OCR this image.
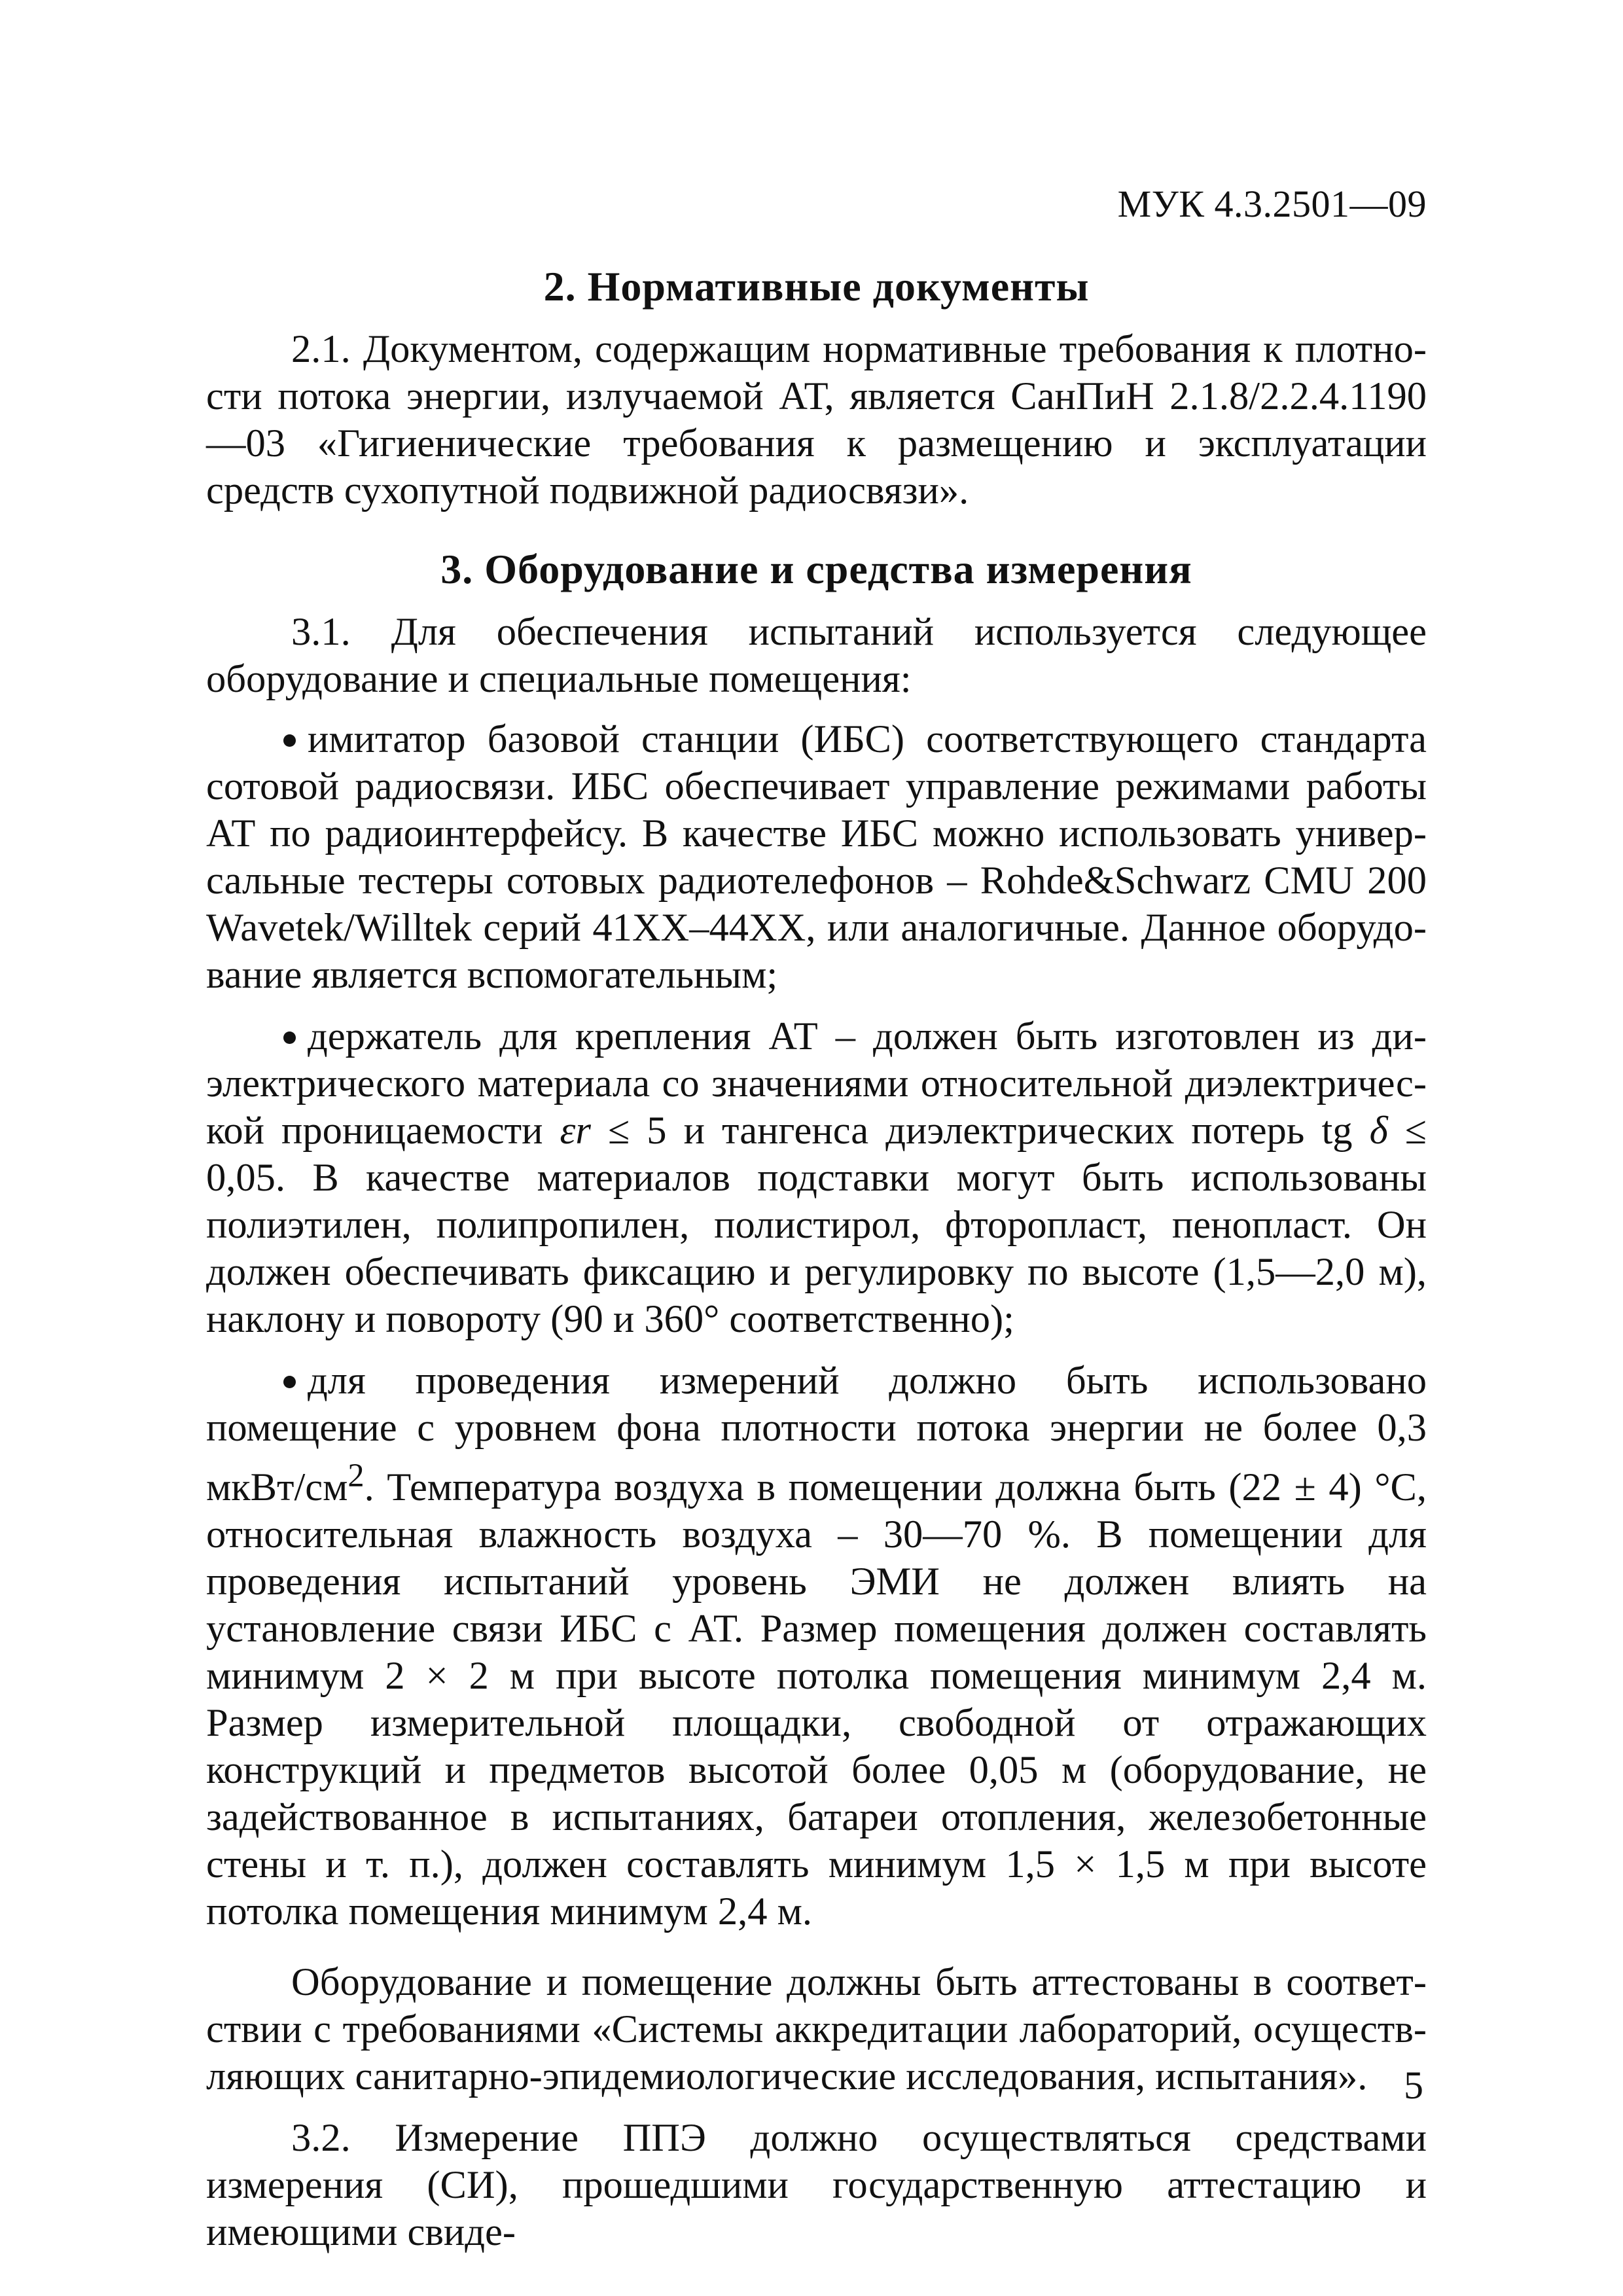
МУК 4.3.2501—09
2. Нормативные документы

2.1. Документом, содержащим нормативные требования к плотности потока энергии, излучаемой АТ, является СанПиН 2.1.8/2.2.4.1190—03 «Гигиенические требования к размещению и эксплуатации средств сухопутной подвижной радиосвязи».

3. Оборудование и средства измерения

3.1. Для обеспечения испытаний используется следующее оборудование и специальные помещения:

имитатор базовой станции (ИБС) соответствующего стандарта сотовой радиосвязи. ИБС обеспечивает управление режимами работы АТ по радиоинтерфейсу. В качестве ИБС можно использовать универсальные тестеры сотовых радиотелефонов – Rohde&Schwarz CMU 200 Wavetek/Willtek серий 41XX–44XX, или аналогичные. Данное оборудование является вспомогательным;
держатель для крепления АТ – должен быть изготовлен из диэлектрического материала со значениями относительной диэлектрической проницаемости εr ≤ 5 и тангенса диэлектрических потерь tg δ ≤ 0,05. В качестве материалов подставки могут быть использованы полиэтилен, полипропилен, полистирол, фторопласт, пенопласт. Он должен обеспечивать фиксацию и регулировку по высоте (1,5—2,0 м), наклону и повороту (90 и 360° соответственно);
для проведения измерений должно быть использовано помещение с уровнем фона плотности потока энергии не более 0,3 мкВт/$см^2$. Температура воздуха в помещении должна быть (22 ± 4) °С, относительная влажность воздуха – 30—70 %. В помещении для проведения испытаний уровень ЭМИ не должен влиять на установление связи ИБС с АТ. Размер помещения должен составлять минимум 2 × 2 м при высоте потолка помещения минимум 2,4 м. Размер измерительной площадки, свободной от отражающих конструкций и предметов высотой более 0,05 м (оборудование, не задействованное в испытаниях, батареи отопления, железобетонные стены и т. п.), должен составлять минимум 1,5 × 1,5 м при высоте потолка помещения минимум 2,4 м.

Оборудование и помещение должны быть аттестованы в соответствии с требованиями «Системы аккредитации лабораторий, осуществляющих санитарно-эпидемиологические исследования, испытания».

3.2. Измерение ППЭ должно осуществляться средствами измерения (СИ), прошедшими государственную аттестацию и имеющими свиде-

5
